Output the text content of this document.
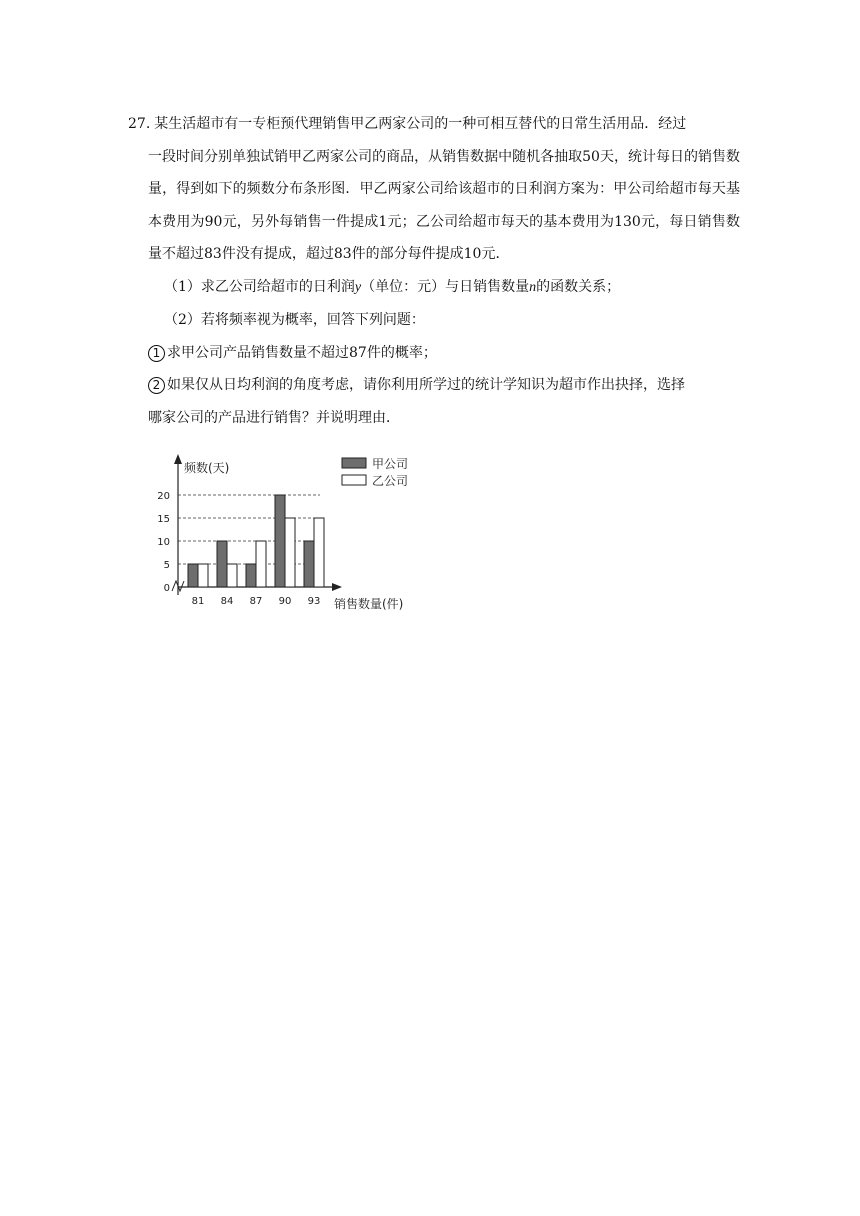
27. 某生活超市有一专柜预代理销售甲乙两家公司的一种可相互替代的日常生活用品．经过

一段时间分别单独试销甲乙两家公司的商品，从销售数据中随机各抽取50天，统计每日的销售数量，得到如下的频数分布条形图．甲乙两家公司给该超市的日利润方案为：甲公司给超市每天基本费用为90元，另外每销售一件提成1元；乙公司给超市每天的基本费用为130元，每日销售数量不超过83件没有提成，超过83件的部分每件提成10元．

（1）求乙公司给超市的日利润y（单位：元）与日销售数量n的函数关系；

（2）若将频率视为概率，回答下列问题：

1 求甲公司产品销售数量不超过87件的概率；

2 如果仅从日均利润的角度考虑，请你利用所学过的统计学知识为超市作出抉择，选择

哪家公司的产品进行销售？并说明理由．

0
5
10
15
20
频数(天)
销售数量(件)
81 84 87 90 93
甲公司
乙公司
